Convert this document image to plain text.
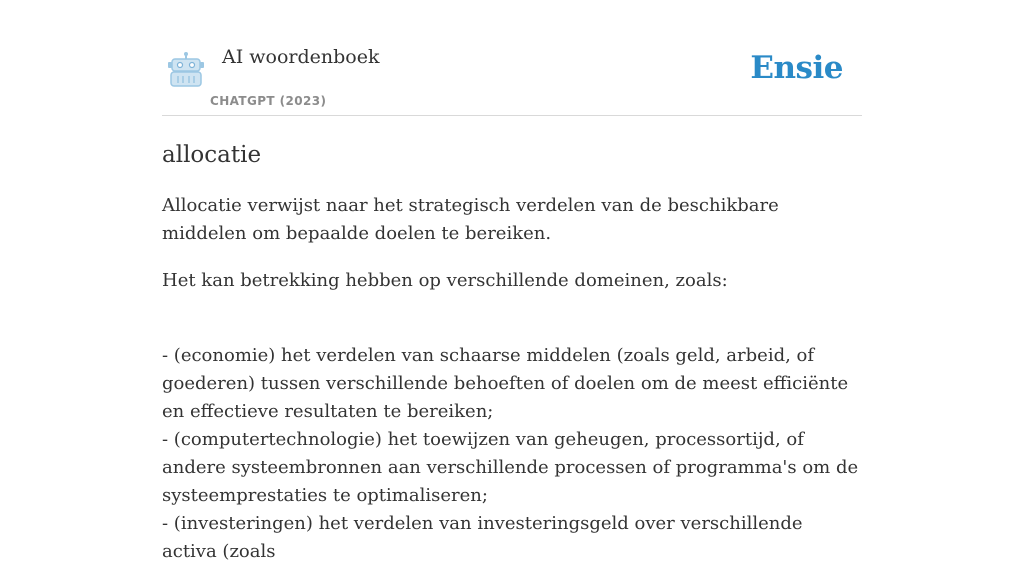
AI woordenboek
CHATGPT (2023)
Ensie
allocatie

Allocatie verwijst naar het strategisch verdelen van de beschikbare middelen om bepaalde doelen te bereiken.

Het kan betrekking hebben op verschillende domeinen, zoals:

- (economie) het verdelen van schaarse middelen (zoals geld, arbeid, of goederen) tussen verschillende behoeften of doelen om de meest efficiënte en effectieve resultaten te bereiken;
- (computertechnologie) het toewijzen van geheugen, processortijd, of andere systeembronnen aan verschillende processen of programma's om de systeemprestaties te optimaliseren;
- (investeringen) het verdelen van investeringsgeld over verschillende activa (zoals
